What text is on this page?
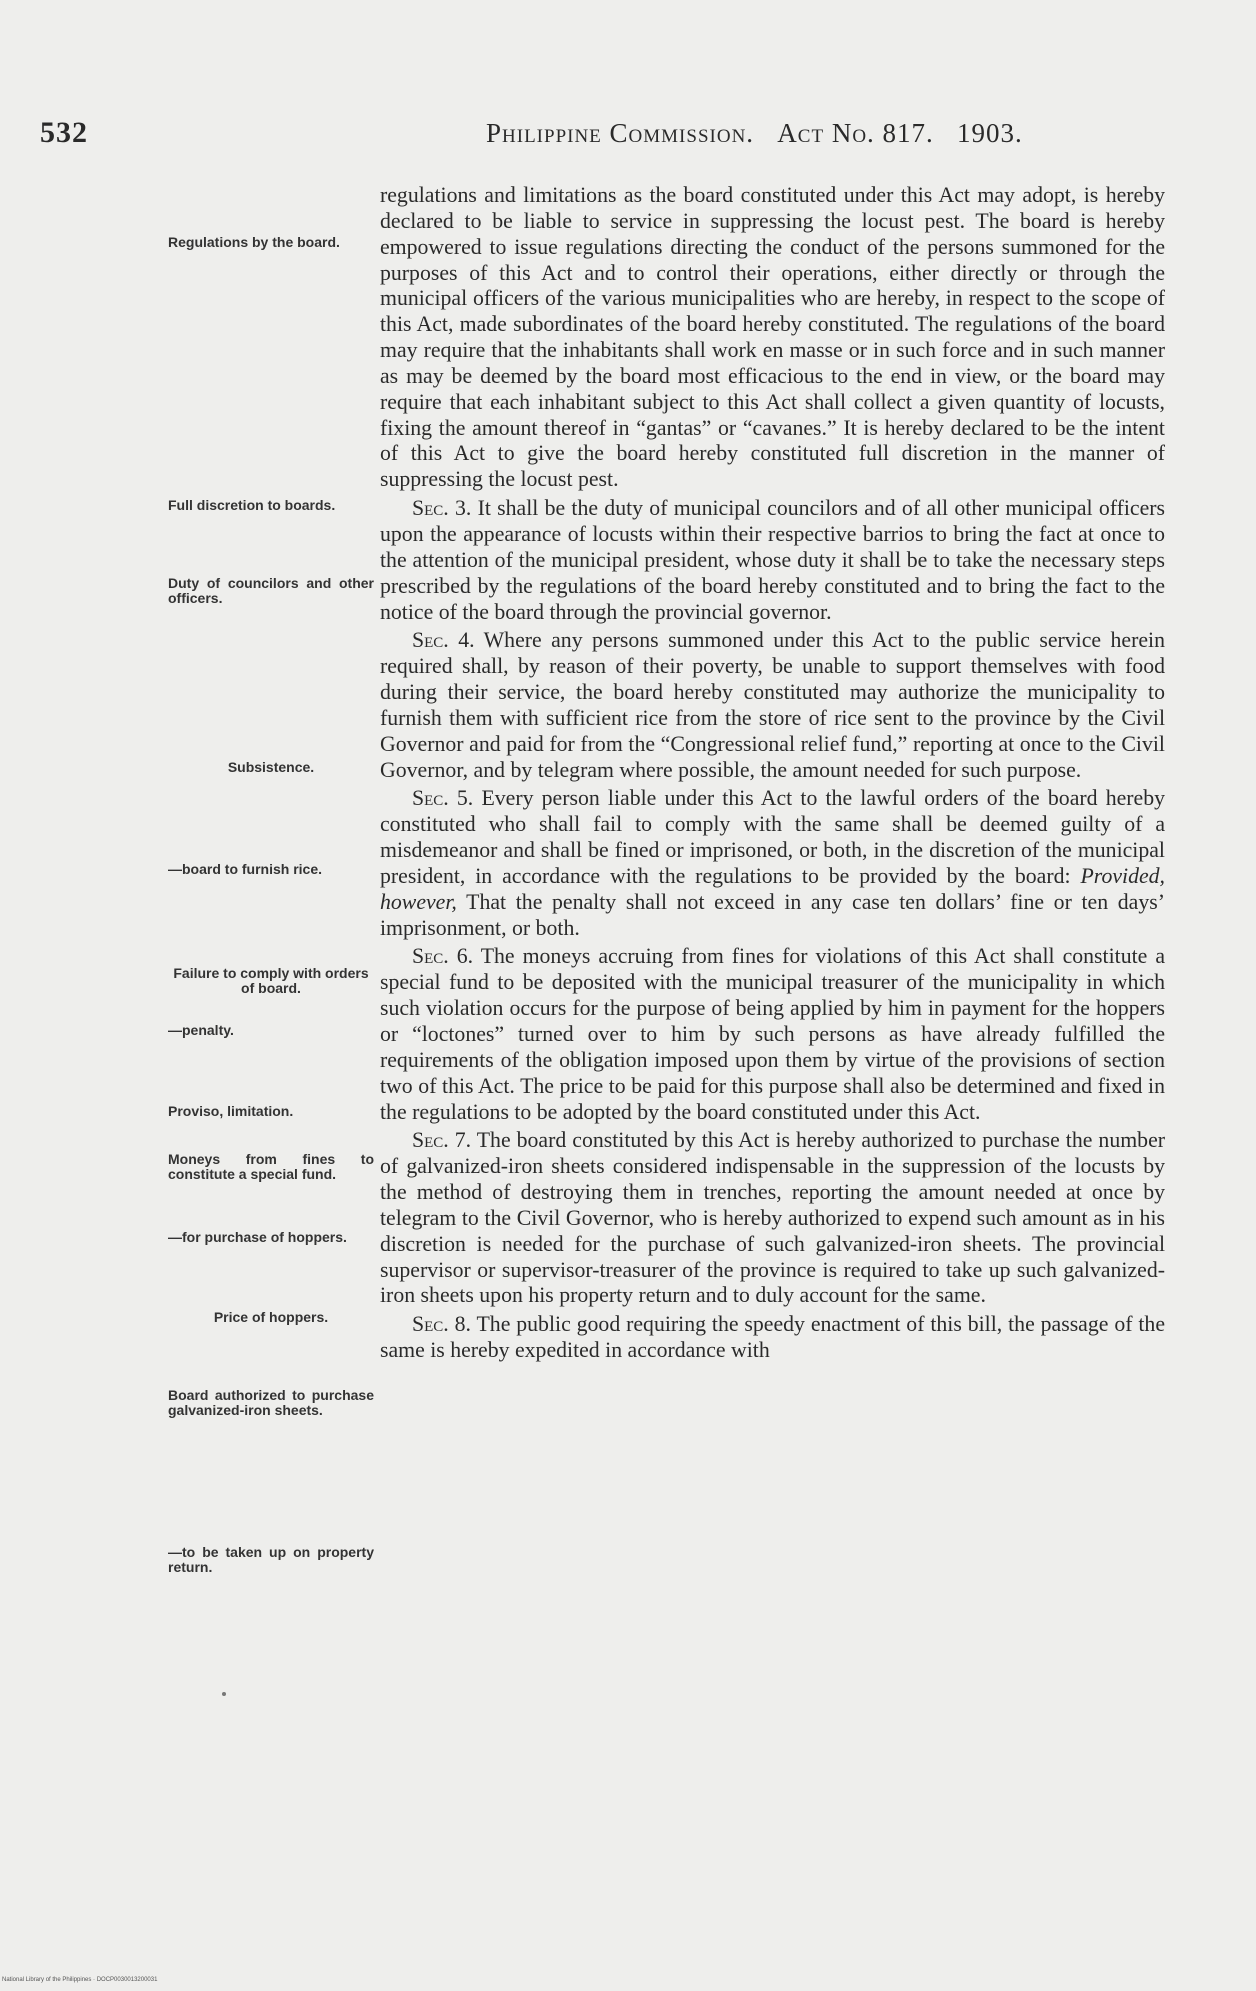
532	Philippine Commission. Act No. 817. 1903.
Regulations by the board.
Full discretion to boards.
Duty of councilors and other officers.
Subsistence.
—board to furnish rice.
Failure to comply with orders of board.
—penalty.
Proviso, limitation.
Moneys from fines to constitute a special fund.
—for purchase of hoppers.
Price of hoppers.
Board authorized to purchase galvanized-iron sheets.
—to be taken up on property return.

regulations and limitations as the board constituted under this Act may adopt, is hereby declared to be liable to service in suppressing the locust pest. The board is hereby empowered to issue regulations directing the conduct of the persons summoned for the purposes of this Act and to control their operations, either directly or through the municipal officers of the various municipalities who are hereby, in respect to the scope of this Act, made subordinates of the board hereby constituted. The regulations of the board may require that the inhabitants shall work en masse or in such force and in such manner as may be deemed by the board most efficacious to the end in view, or the board may require that each inhabitant subject to this Act shall collect a given quantity of locusts, fixing the amount thereof in “gantas” or “cavanes.” It is hereby declared to be the intent of this Act to give the board hereby constituted full discretion in the manner of suppressing the locust pest.

Sec. 3. It shall be the duty of municipal councilors and of all other municipal officers upon the appearance of locusts within their respective barrios to bring the fact at once to the attention of the municipal president, whose duty it shall be to take the necessary steps prescribed by the regulations of the board hereby constituted and to bring the fact to the notice of the board through the provincial governor.

Sec. 4. Where any persons summoned under this Act to the public service herein required shall, by reason of their poverty, be unable to support themselves with food during their service, the board hereby constituted may authorize the municipality to furnish them with sufficient rice from the store of rice sent to the province by the Civil Governor and paid for from the “Congressional relief fund,” reporting at once to the Civil Governor, and by telegram where possible, the amount needed for such purpose.

Sec. 5. Every person liable under this Act to the lawful orders of the board hereby constituted who shall fail to comply with the same shall be deemed guilty of a misdemeanor and shall be fined or imprisoned, or both, in the discretion of the municipal president, in accordance with the regulations to be provided by the board: Provided, however, That the penalty shall not exceed in any case ten dollars’ fine or ten days’ imprisonment, or both.

Sec. 6. The moneys accruing from fines for violations of this Act shall constitute a special fund to be deposited with the municipal treasurer of the municipality in which such violation occurs for the purpose of being applied by him in payment for the hoppers or “loctones” turned over to him by such persons as have already fulfilled the requirements of the obligation imposed upon them by virtue of the provisions of section two of this Act. The price to be paid for this purpose shall also be determined and fixed in the regulations to be adopted by the board constituted under this Act.

Sec. 7. The board constituted by this Act is hereby authorized to purchase the number of galvanized-iron sheets considered indispensable in the suppression of the locusts by the method of destroying them in trenches, reporting the amount needed at once by telegram to the Civil Governor, who is hereby authorized to expend such amount as in his discretion is needed for the purchase of such galvanized-iron sheets. The provincial supervisor or supervisor-treasurer of the province is required to take up such galvanized-iron sheets upon his property return and to duly account for the same.

Sec. 8. The public good requiring the speedy enactment of this bill, the passage of the same is hereby expedited in accordance with

National Library of the Philippines · DOCP0030013200031
